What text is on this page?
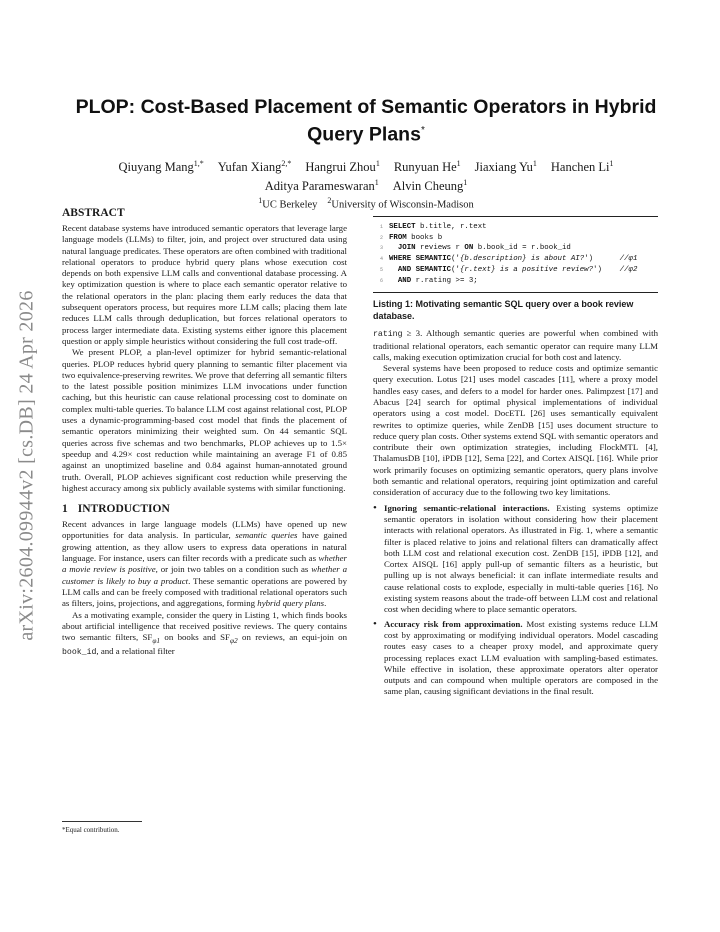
arXiv:2604.09944v2 [cs.DB] 24 Apr 2026
PLOP: Cost-Based Placement of Semantic Operators in Hybrid Query Plans*
Qiuyang Mang$^{1,*}$ Yufan Xiang$^{2,*}$ Hangrui Zhou$^1$ Runyuan He$^1$ Jiaxiang Yu$^1$ Hanchen Li$^1$
Aditya Parameswaran$^1$ Alvin Cheung$^1$
$^1$UC Berkeley $^2$University of Wisconsin-Madison
ABSTRACT

Recent database systems have introduced semantic operators that leverage large language models (LLMs) to filter, join, and project over structured data using natural language predicates. These operators are often combined with traditional relational operators to produce hybrid query plans whose execution cost depends on both expensive LLM calls and conventional database processing. A key optimization question is where to place each semantic operator relative to the relational operators in the plan: placing them early reduces the data that subsequent operators process, but requires more LLM calls; placing them late reduces LLM calls through deduplication, but forces relational operators to process larger intermediate data. Existing systems either ignore this placement question or apply simple heuristics without considering the full cost trade-off.

We present PLOP, a plan-level optimizer for hybrid semantic-relational queries. PLOP reduces hybrid query planning to semantic filter placement via two equivalence-preserving rewrites. We prove that deferring all semantic filters to the latest possible position minimizes LLM invocations under function caching, but this heuristic can cause relational processing cost to dominate on complex multi-table queries. To balance LLM cost against relational cost, PLOP uses a dynamic-programming-based cost model that finds the placement of semantic operators minimizing their weighted sum. On 44 semantic SQL queries across five schemas and two benchmarks, PLOP achieves up to 1.5× speedup and 4.29× cost reduction while maintaining an average F1 of 0.85 against an unoptimized baseline and 0.84 against human-annotated ground truth. Overall, PLOP achieves significant cost reduction while preserving the highest accuracy among six publicly available systems with similar functioning.

1 INTRODUCTION

Recent advances in large language models (LLMs) have opened up new opportunities for data analysis. In particular, semantic queries have gained growing attention, as they allow users to express data operations in natural language. For instance, users can filter records with a predicate such as whether a movie review is positive, or join two tables on a condition such as whether a customer is likely to buy a product. These semantic operations are powered by LLM calls and can be freely composed with traditional relational operators such as filters, joins, projections, and aggregations, forming hybrid query plans.

As a motivating example, consider the query in Listing 1, which finds books about artificial intelligence that received positive reviews. The query contains two semantic filters, $SF_{\varphi 1}$ on books and $SF_{\varphi 2}$ on reviews, an equi-join on book_id, and a relational filter

*Equal contribution.
1 SELECT b.title, r.text
2 FROM books b
3 JOIN reviews r ON b.book_id = r.book_id
4 WHERE SEMANTIC('{b.description} is about AI?')      //φ1
5 AND SEMANTIC('{r.text} is a positive review?')    //φ2
6 AND r.rating >= 3;
Listing 1: Motivating semantic SQL query over a book review database.

rating ≥ 3. Although semantic queries are powerful when combined with traditional relational operators, each semantic operator can require many LLM calls, making execution optimization crucial for both cost and latency.

Several systems have been proposed to reduce costs and optimize semantic query execution. Lotus [21] uses model cascades [11], where a proxy model handles easy cases, and defers to a model for harder ones. Palimpzest [17] and Abacus [24] search for optimal physical implementations of individual operators using a cost model. DocETL [26] uses semantically equivalent rewrites to optimize queries, while ZenDB [15] uses document structure to reduce query plan costs. Other systems extend SQL with semantic operators and contribute their own optimization strategies, including FlockMTL [4], ThalamusDB [10], iPDB [12], Sema [22], and Cortex AISQL [16]. While prior work primarily focuses on optimizing semantic operators, query plans involve both semantic and relational operators, requiring joint optimization and careful consideration of accuracy due to the following two key limitations.

• Ignoring semantic-relational interactions. Existing systems optimize semantic operators in isolation without considering how their placement interacts with relational operators. As illustrated in Fig. 1, where a semantic filter is placed relative to joins and relational filters can dramatically affect both LLM cost and relational execution cost. ZenDB [15], iPDB [12], and Cortex AISQL [16] apply pull-up of semantic filters as a heuristic, but pulling up is not always beneficial: it can inflate intermediate results and cause relational costs to explode, especially in multi-table queries [16]. No existing system reasons about the trade-off between LLM cost and relational cost when deciding where to place semantic operators.
• Accuracy risk from approximation. Most existing systems reduce LLM cost by approximating or modifying individual operators. Model cascading routes easy cases to a cheaper proxy model, and approximate query processing replaces exact LLM evaluation with sampling-based estimates. While effective in isolation, these approximate operators alter operator outputs and can compound when multiple operators are composed in the same plan, causing significant deviations in the final result.
